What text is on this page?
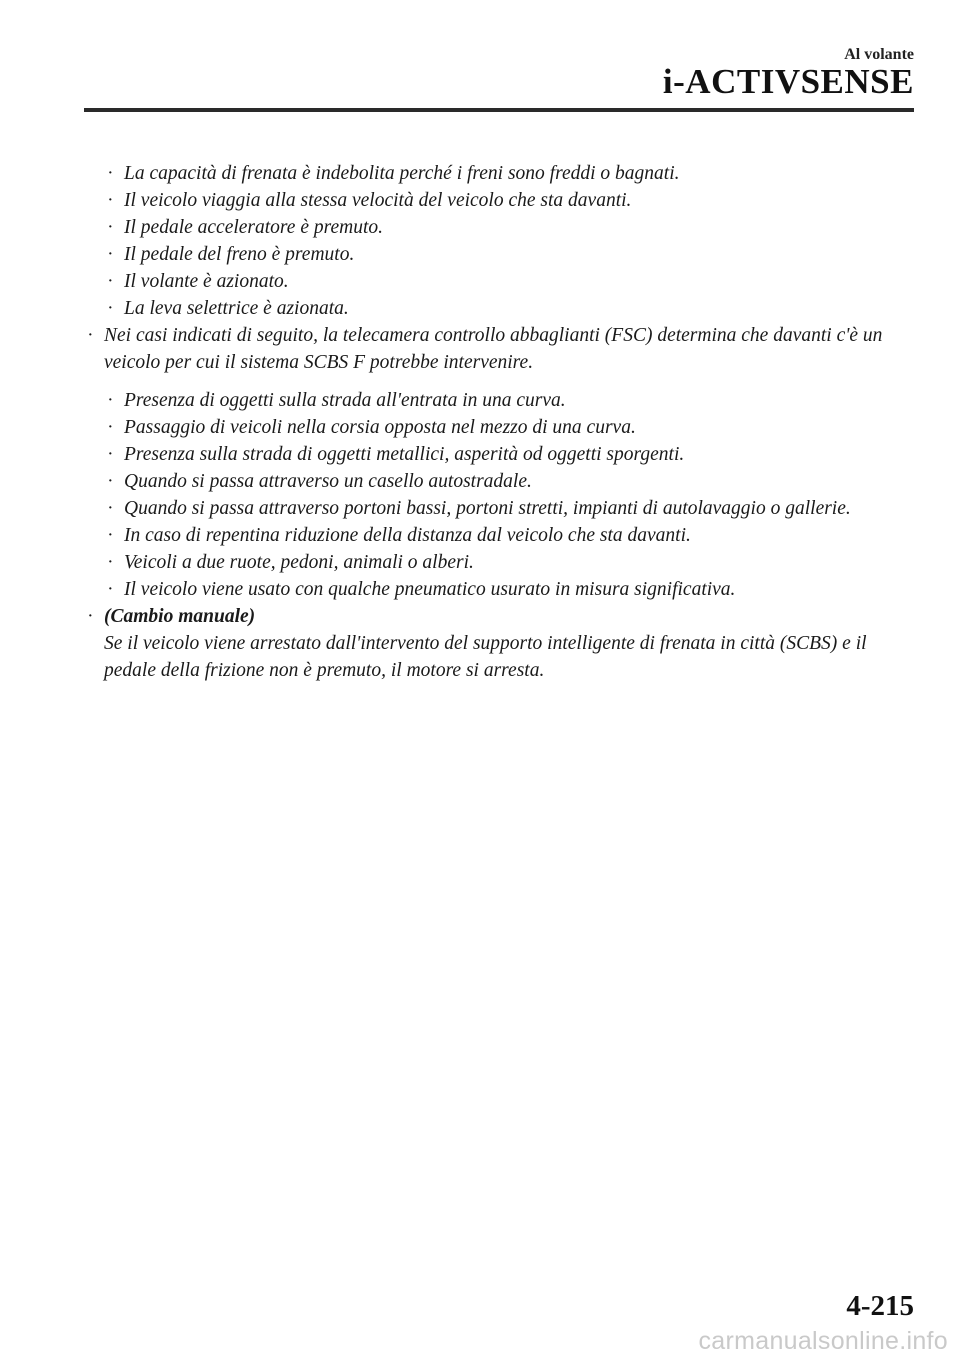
Al volante
i-ACTIVSENSE
· La capacità di frenata è indebolita perché i freni sono freddi o bagnati.
· Il veicolo viaggia alla stessa velocità del veicolo che sta davanti.
· Il pedale acceleratore è premuto.
· Il pedale del freno è premuto.
· Il volante è azionato.
· La leva selettrice è azionata.
· Nei casi indicati di seguito, la telecamera controllo abbaglianti (FSC) determina che davanti c'è un veicolo per cui il sistema SCBS F potrebbe intervenire.
· Presenza di oggetti sulla strada all'entrata in una curva.
· Passaggio di veicoli nella corsia opposta nel mezzo di una curva.
· Presenza sulla strada di oggetti metallici, asperità od oggetti sporgenti.
· Quando si passa attraverso un casello autostradale.
· Quando si passa attraverso portoni bassi, portoni stretti, impianti di autolavaggio o gallerie.
· In caso di repentina riduzione della distanza dal veicolo che sta davanti.
· Veicoli a due ruote, pedoni, animali o alberi.
· Il veicolo viene usato con qualche pneumatico usurato in misura significativa.
· (Cambio manuale)
Se il veicolo viene arrestato dall'intervento del supporto intelligente di frenata in città (SCBS) e il pedale della frizione non è premuto, il motore si arresta.
4-215
carmanualsonline.info
